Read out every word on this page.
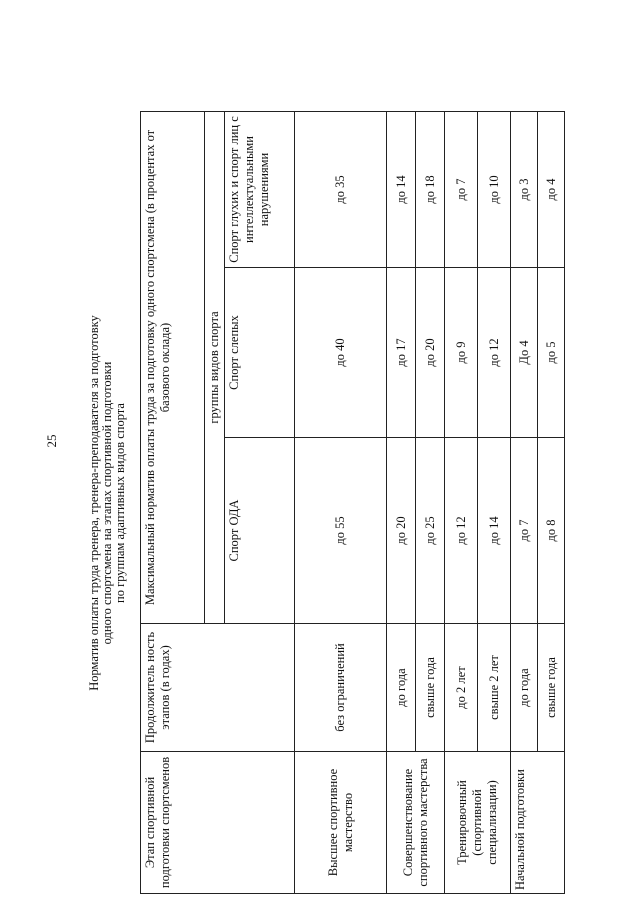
25 Норматив оплаты труда тренера, тренера-преподавателя за подготовку одного спортсмена на этапах спортивной подготовки по группам адаптивных видов спорта
Этап спортивной подготовки спортсменов	Продолжитель ность этапов (в годах)	Максимальный норматив оплаты труда за подготовку одного спортсмена (в процентах от базового оклада)		
		группы видов спорта		
		Спорт ОДА	Спорт слепых	Спорт глухих и спорт лиц с интеллектуальными нарушениями
Высшее спортивное мастерство	без ограничений	до 55	до 40	до 35
Совершенствование спортивного мастерства	до года	до 20	до 17	до 14
	свыше года	до 25	до 20	до 18
Тренировочный (спортивной специализации)	до 2 лет	до 12	до 9	до 7
	свыше 2 лет	до 14	до 12	до 10
Начальной подготовки	до года	до 7	До 4	до 3
	свыше года	до 8	до 5	до 4
